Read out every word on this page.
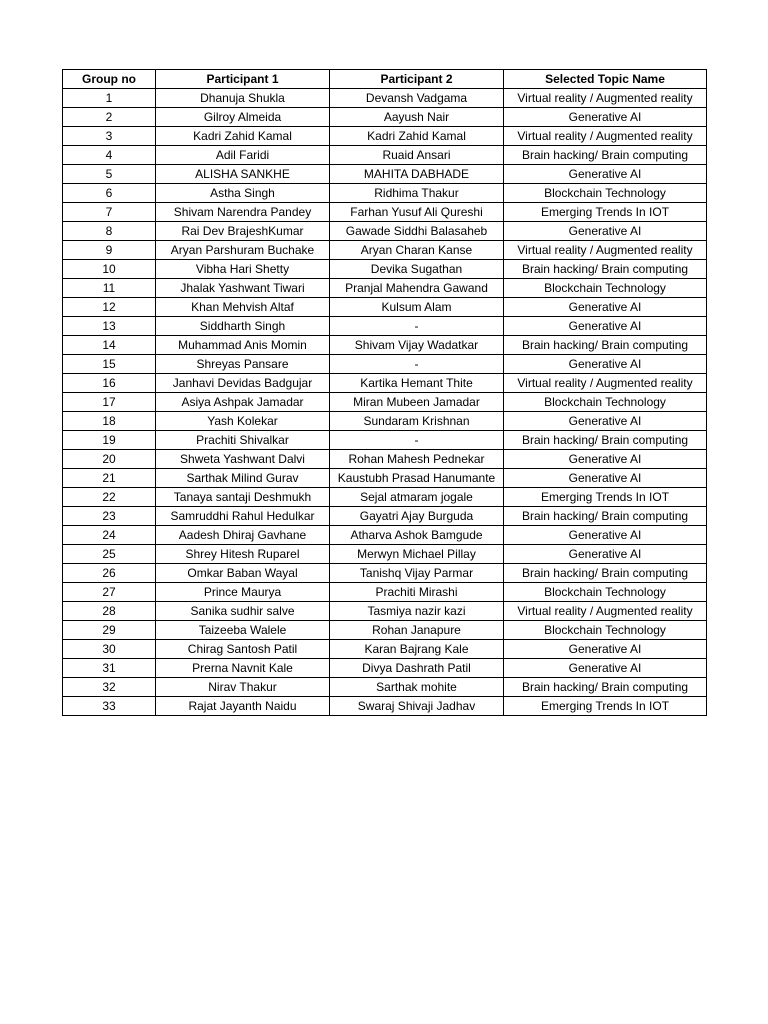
Group no	Participant 1	Participant 2	Selected Topic Name
1	Dhanuja Shukla	Devansh Vadgama	Virtual reality / Augmented reality
2	Gilroy Almeida	Aayush Nair	Generative AI
3	Kadri Zahid Kamal	Kadri Zahid Kamal	Virtual reality / Augmented reality
4	Adil Faridi	Ruaid Ansari	Brain hacking/ Brain computing
5	ALISHA SANKHE	MAHITA DABHADE	Generative AI
6	Astha Singh	Ridhima Thakur	Blockchain Technology
7	Shivam Narendra Pandey	Farhan Yusuf Ali Qureshi	Emerging Trends In IOT
8	Rai Dev BrajeshKumar	Gawade Siddhi Balasaheb	Generative AI
9	Aryan Parshuram Buchake	Aryan Charan Kanse	Virtual reality / Augmented reality
10	Vibha Hari Shetty	Devika Sugathan	Brain hacking/ Brain computing
11	Jhalak Yashwant Tiwari	Pranjal Mahendra Gawand	Blockchain Technology
12	Khan Mehvish Altaf	Kulsum Alam	Generative AI
13	Siddharth Singh	-	Generative AI
14	Muhammad Anis Momin	Shivam Vijay Wadatkar	Brain hacking/ Brain computing
15	Shreyas Pansare	-	Generative AI
16	Janhavi Devidas Badgujar	Kartika Hemant Thite	Virtual reality / Augmented reality
17	Asiya Ashpak Jamadar	Miran Mubeen Jamadar	Blockchain Technology
18	Yash Kolekar	Sundaram Krishnan	Generative AI
19	Prachiti Shivalkar	-	Brain hacking/ Brain computing
20	Shweta Yashwant Dalvi	Rohan Mahesh Pednekar	Generative AI
21	Sarthak Milind Gurav	Kaustubh Prasad Hanumante	Generative AI
22	Tanaya santaji Deshmukh	Sejal atmaram jogale	Emerging Trends In IOT
23	Samruddhi Rahul Hedulkar	Gayatri Ajay Burguda	Brain hacking/ Brain computing
24	Aadesh Dhiraj Gavhane	Atharva Ashok Bamgude	Generative AI
25	Shrey Hitesh Ruparel	Merwyn Michael Pillay	Generative AI
26	Omkar Baban Wayal	Tanishq Vijay Parmar	Brain hacking/ Brain computing
27	Prince Maurya	Prachiti Mirashi	Blockchain Technology
28	Sanika sudhir salve	Tasmiya nazir kazi	Virtual reality / Augmented reality
29	Taizeeba Walele	Rohan Janapure	Blockchain Technology
30	Chirag Santosh Patil	Karan Bajrang Kale	Generative AI
31	Prerna Navnit Kale	Divya Dashrath Patil	Generative AI
32	Nirav Thakur	Sarthak mohite	Brain hacking/ Brain computing
33	Rajat Jayanth Naidu	Swaraj Shivaji Jadhav	Emerging Trends In IOT
